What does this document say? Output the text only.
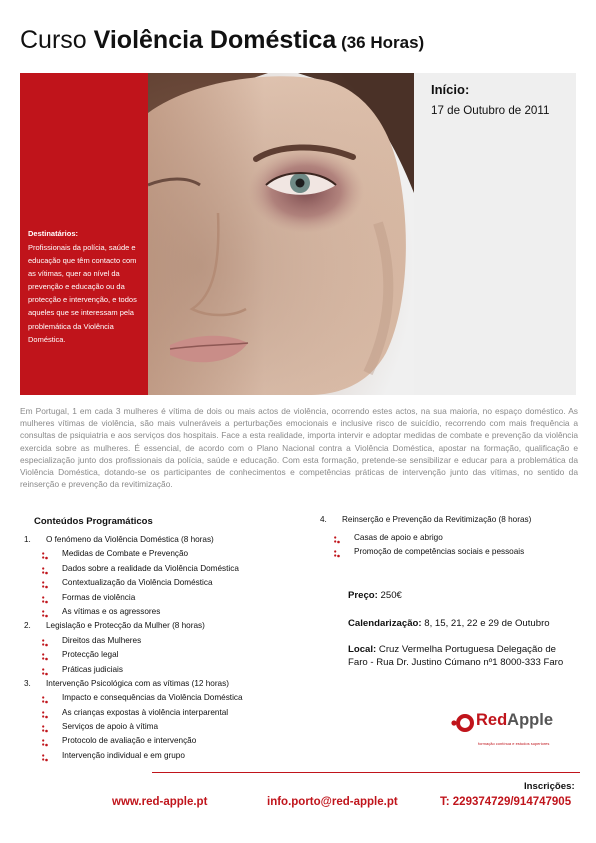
Curso Violência Doméstica (36 Horas)
Destinatários:
Profissionais da polícia, saúde e educação que têm contacto com as vítimas, quer ao nível da prevenção e educação ou da protecção e intervenção, e todos aqueles que se interessam pela problemática da Violência Doméstica.
Início:
17 de Outubro de 2011
Em Portugal, 1 em cada 3 mulheres é vítima de dois ou mais actos de violência, ocorrendo estes actos, na sua maioria, no espaço doméstico. As mulheres vítimas de violência, são mais vulneráveis a perturbações emocionais e inclusive risco de suicídio, recorrendo com mais frequência a consultas de psiquiatria e aos serviços dos hospitais. Face a esta realidade, importa intervir e adoptar medidas de combate e prevenção da violência exercida sobre as mulheres. É essencial, de acordo com o Plano Nacional contra a Violência Doméstica, apostar na formação, qualificação e especialização junto dos profissionais da polícia, saúde e educação. Com esta formação, pretende-se sensibilizar e educar para a problemática da Violência Doméstica, dotando-se os participantes de conhecimentos e competências práticas de intervenção junto das vítimas, no sentido da reinserção e prevenção da revitimização.
Conteúdos Programáticos
1. O fenómeno da Violência Doméstica (8 horas)
Medidas de Combate e Prevenção
Dados sobre a realidade da Violência Doméstica
Contextualização da Violência Doméstica
Formas de violência
As vítimas e os agressores
2. Legislação e Protecção da Mulher (8 horas)
Direitos das Mulheres
Protecção legal
Práticas judiciais
3. Intervenção Psicológica com as vítimas (12 horas)
Impacto e consequências da Violência Doméstica
As crianças expostas à violência interparental
Serviços de apoio à vítima
Protocolo de avaliação e intervenção
Intervenção individual e em grupo
4. Reinserção e Prevenção da Revitimização (8 horas)
Casas de apoio e abrigo
Promoção de competências sociais e pessoais
Preço: 250€
Calendarização: 8, 15, 21, 22 e 29 de Outubro
Local: Cruz Vermelha Portuguesa Delegação de Faro - Rua Dr. Justino Cúmano nº1 8000-333 Faro
RedApple
formação contínua e estudos superiores
Inscrições:
www.red-apple.pt	info.porto@red-apple.pt	T: 229374729/914747905
